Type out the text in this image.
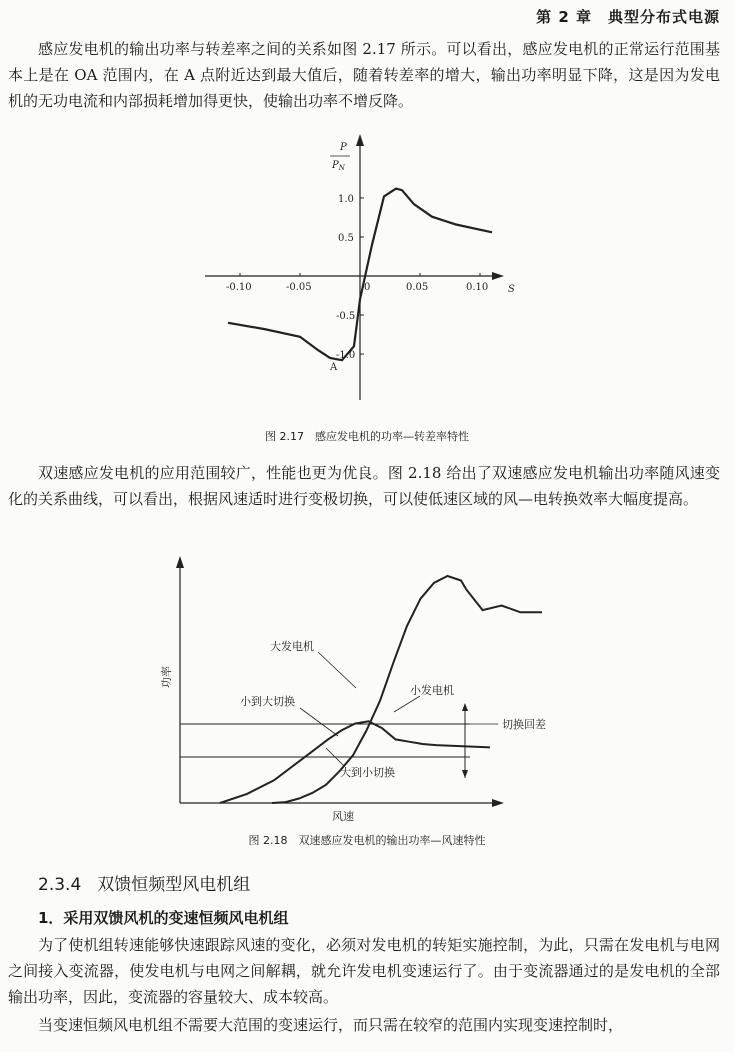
第 2 章　典型分布式电源

感应发电机的输出功率与转差率之间的关系如图 2.17 所示。可以看出，感应发电机的正常运行范围基本上是在 OA 范围内，在 A 点附近达到最大值后，随着转差率的增大，输出功率明显下降，这是因为发电机的无功电流和内部损耗增加得更快，使输出功率不增反降。

P
$P_N$
S
-0.10	-0.05	0	0.05	0.10
1.0
0.5
-0.5
-1.0
A
图 2.17　感应发电机的功率—转差率特性

双速感应发电机的应用范围较广，性能也更为优良。图 2.18 给出了双速感应发电机输出功率随风速变化的关系曲线，可以看出，根据风速适时进行变极切换，可以使低速区域的风—电转换效率大幅度提高。

大发电机
小到大切换
小发电机
切换回差
大到小切换
风速
功率
图 2.18　双速感应发电机的输出功率—风速特性
2.3.4 双馈恒频型风电机组
1．采用双馈风机的变速恒频风电机组

为了使机组转速能够快速跟踪风速的变化，必须对发电机的转矩实施控制，为此，只需在发电机与电网之间接入变流器，使发电机与电网之间解耦，就允许发电机变速运行了。由于变流器通过的是发电机的全部输出功率，因此，变流器的容量较大、成本较高。

当变速恒频风电机组不需要大范围的变速运行，而只需在较窄的范围内实现变速控制时，
